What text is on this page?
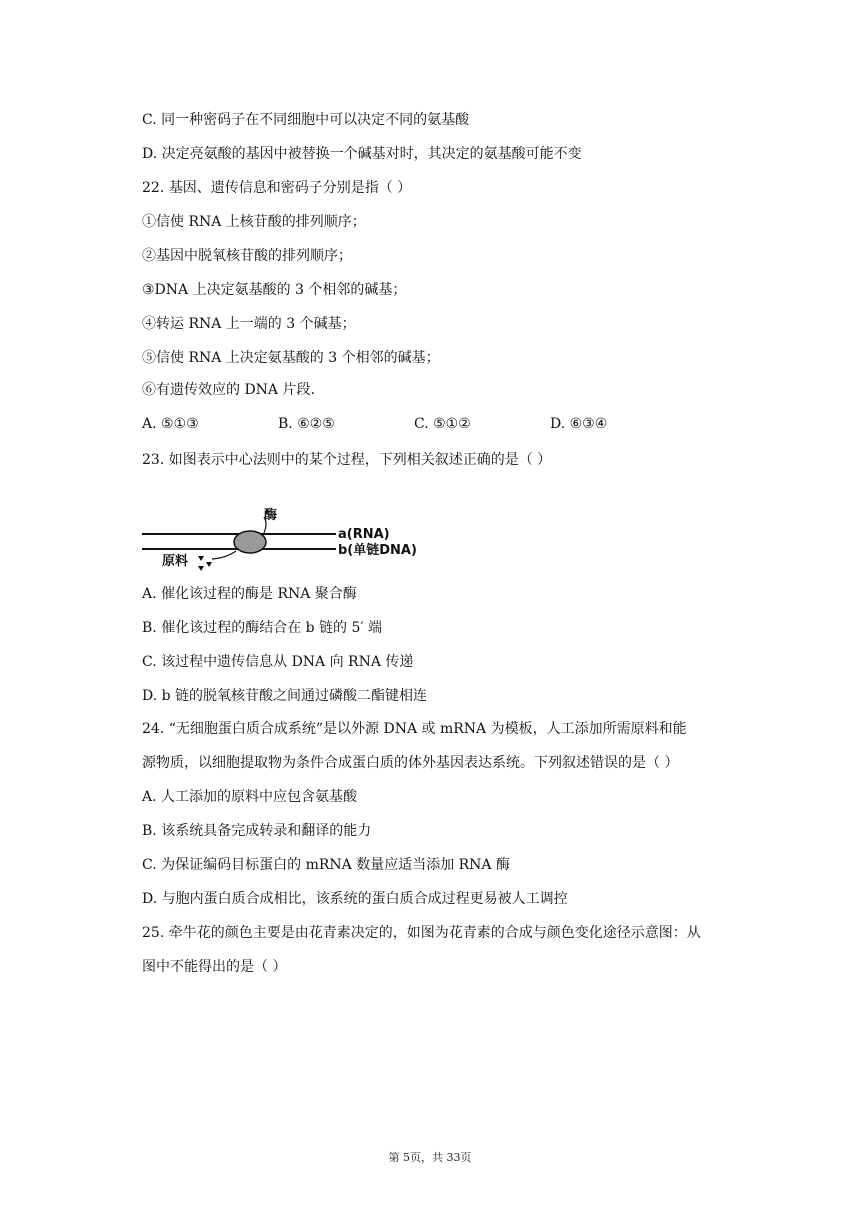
C. 同一种密码子在不同细胞中可以决定不同的氨基酸
D. 决定亮氨酸的基因中被替换一个碱基对时，其决定的氨基酸可能不变
22. 基因、遗传信息和密码子分别是指（ ）
①信使 RNA 上核苷酸的排列顺序；
②基因中脱氧核苷酸的排列顺序；
③DNA 上决定氨基酸的 3 个相邻的碱基；
④转运 RNA 上一端的 3 个碱基；
⑤信使 RNA 上决定氨基酸的 3 个相邻的碱基；
⑥有遗传效应的 DNA 片段.
A. ⑤①③	B. ⑥②⑤	C. ⑤①②	D. ⑥③④
23. 如图表示中心法则中的某个过程，下列相关叙述正确的是（ ）
酶
a(RNA)
b(单链DNA)
原料
A. 催化该过程的酶是 RNA 聚合酶
B. 催化该过程的酶结合在 b 链的 5′ 端
C. 该过程中遗传信息从 DNA 向 RNA 传递
D. b 链的脱氧核苷酸之间通过磷酸二酯键相连
24. “无细胞蛋白质合成系统”是以外源 DNA 或 mRNA 为模板，人工添加所需原料和能
源物质，以细胞提取物为条件合成蛋白质的体外基因表达系统。下列叙述错误的是（ ）
A. 人工添加的原料中应包含氨基酸
B. 该系统具备完成转录和翻译的能力
C. 为保证编码目标蛋白的 mRNA 数量应适当添加 RNA 酶
D. 与胞内蛋白质合成相比，该系统的蛋白质合成过程更易被人工调控
25. 牵牛花的颜色主要是由花青素决定的，如图为花青素的合成与颜色变化途径示意图：从
图中不能得出的是（ ）
第 5页，共 33页
